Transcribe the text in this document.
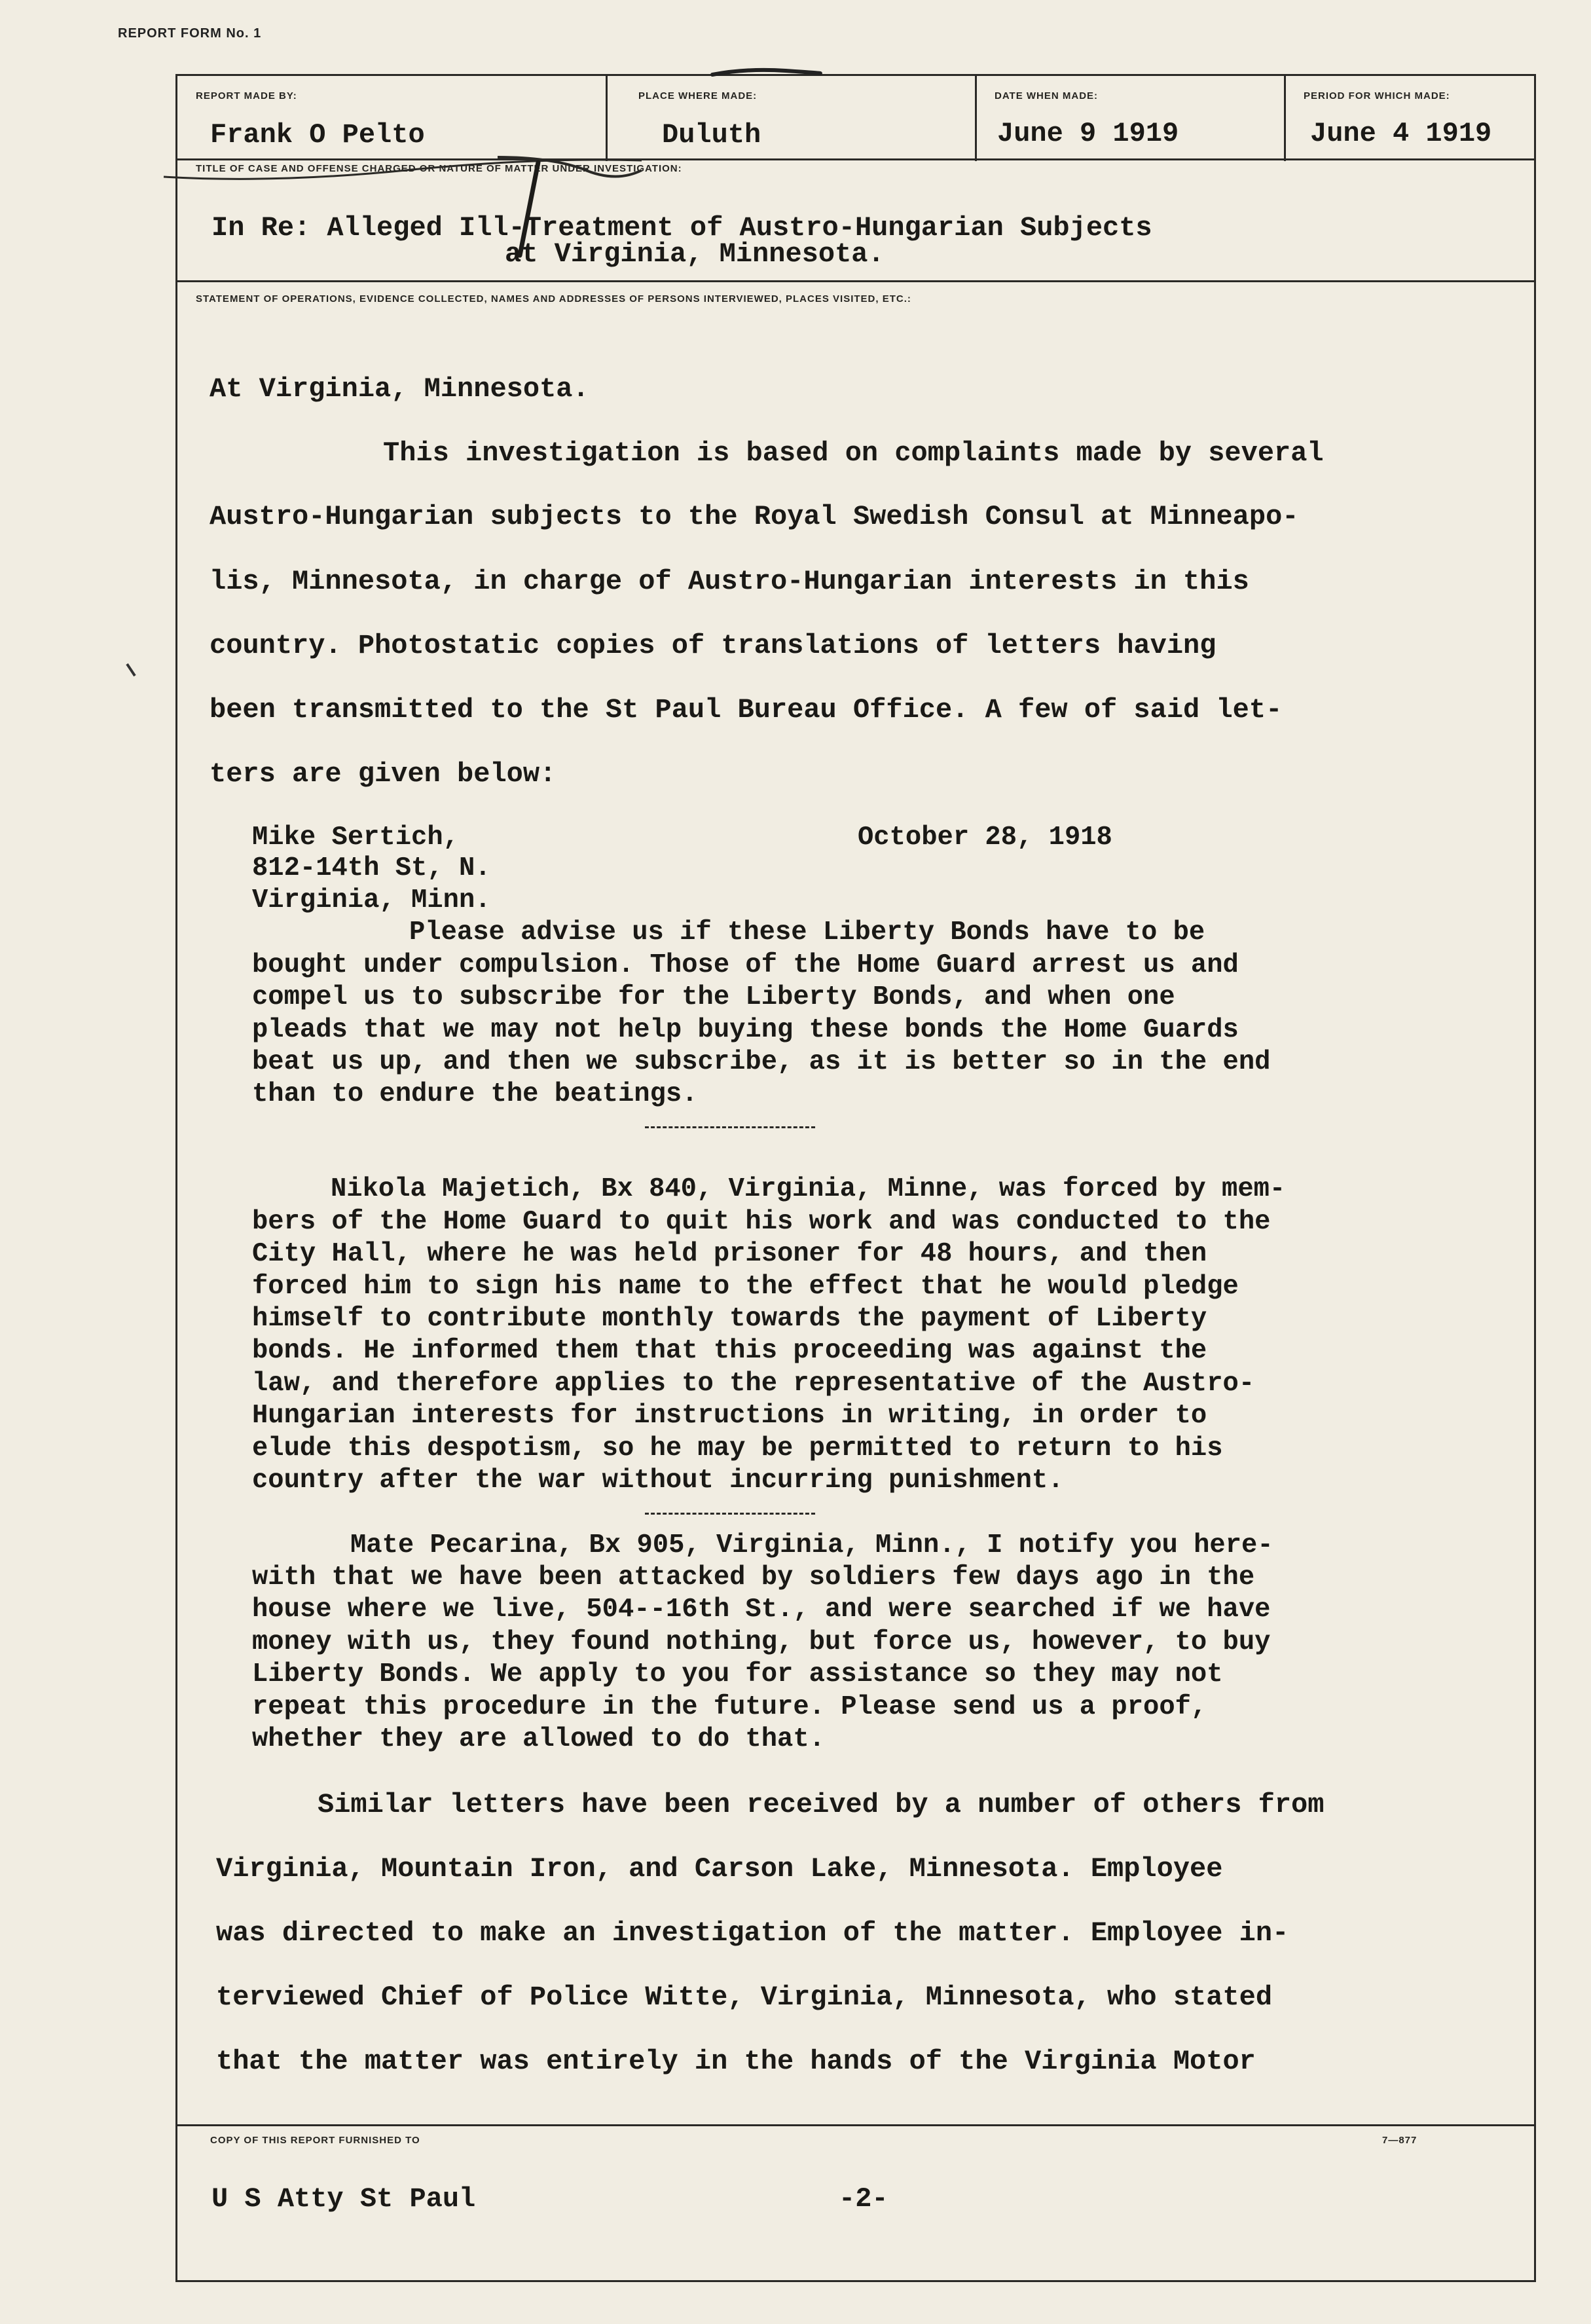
REPORT FORM No. 1
REPORT MADE BY:
Frank O Pelto
PLACE WHERE MADE:
Duluth
DATE WHEN MADE:
June 9 1919
PERIOD FOR WHICH MADE:
June 4 1919
TITLE OF CASE AND OFFENSE CHARGED OR NATURE OF MATTER UNDER INVESTIGATION:
In Re: Alleged Ill-Treatment of Austro-Hungarian Subjects
at Virginia, Minnesota.
STATEMENT OF OPERATIONS, EVIDENCE COLLECTED, NAMES AND ADDRESSES OF PERSONS INTERVIEWED, PLACES VISITED, ETC.:
COPY OF THIS REPORT FURNISHED TO	7—877
U S Atty St Paul	-2-
At Virginia, Minnesota.
This investigation is based on complaints made by several
Austro-Hungarian subjects to the Royal Swedish Consul at Minneapo-
lis, Minnesota, in charge of Austro-Hungarian interests in this
country. Photostatic copies of translations of letters having
been transmitted to the St Paul Bureau Office. A few of said let-
ters are given below:
Mike Sertich,	October 28, 1918
812-14th St, N.
Virginia, Minn.
Please advise us if these Liberty Bonds have to be
bought under compulsion. Those of the Home Guard arrest us and
compel us to subscribe for the Liberty Bonds, and when one
pleads that we may not help buying these bonds the Home Guards
beat us up, and then we subscribe, as it is better so in the end
than to endure the beatings.
Nikola Majetich, Bx 840, Virginia, Minne, was forced by mem-
bers of the Home Guard to quit his work and was conducted to the
City Hall, where he was held prisoner for 48 hours, and then
forced him to sign his name to the effect that he would pledge
himself to contribute monthly towards the payment of Liberty
bonds. He informed them that this proceeding was against the
law, and therefore applies to the representative of the Austro-
Hungarian interests for instructions in writing, in order to
elude this despotism, so he may be permitted to return to his
country after the war without incurring punishment.
Mate Pecarina, Bx 905, Virginia, Minn., I notify you here-
with that we have been attacked by soldiers few days ago in the
house where we live, 504--16th St., and were searched if we have
money with us, they found nothing, but force us, however, to buy
Liberty Bonds. We apply to you for assistance so they may not
repeat this procedure in the future. Please send us a proof,
whether they are allowed to do that.
Similar letters have been received by a number of others from
Virginia, Mountain Iron, and Carson Lake, Minnesota. Employee
was directed to make an investigation of the matter. Employee in-
terviewed Chief of Police Witte, Virginia, Minnesota, who stated
that the matter was entirely in the hands of the Virginia Motor
